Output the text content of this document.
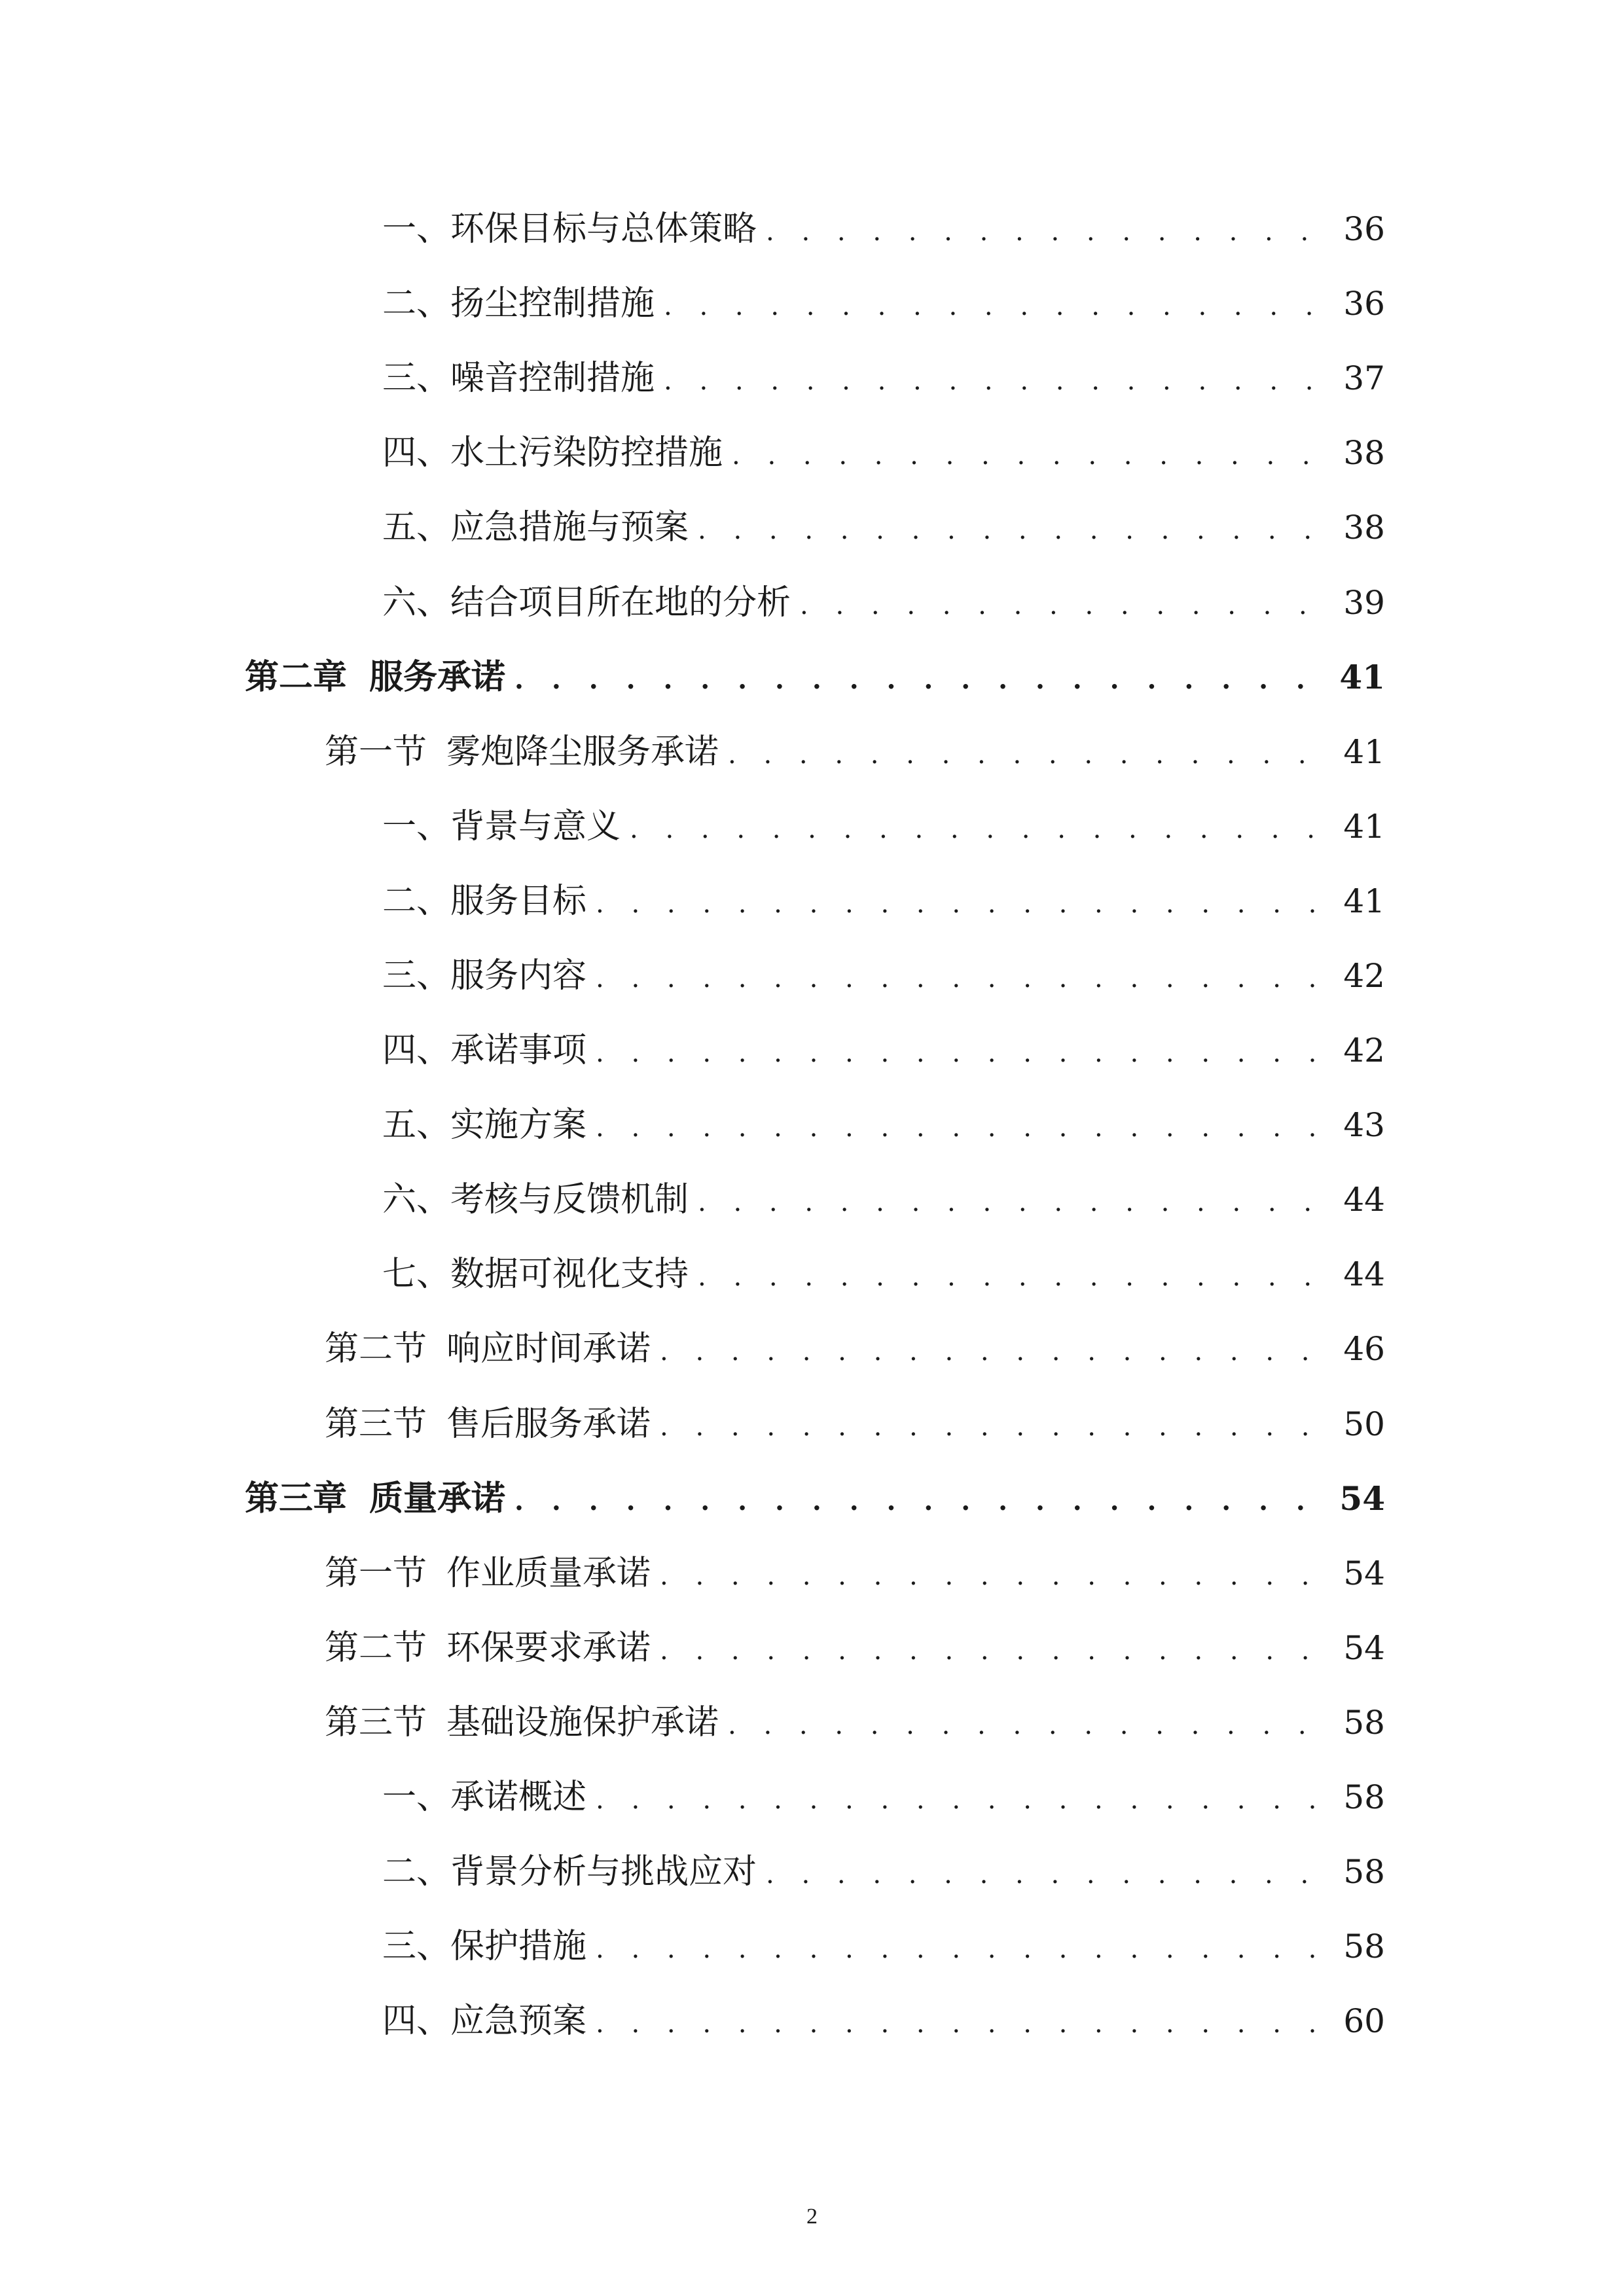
一、 环保目标与总体策略 . . .	36
二、 扬尘控制措施 . . .	36
三、 噪音控制措施 . . .	37
四、 水土污染防控措施 . . .	38
五、 应急措施与预案 . . .	38
六、 结合项目所在地的分析 . . .	39
第二章 服务承诺 . . .	41
第一节 雾炮降尘服务承诺 . . .	41
一、 背景与意义 . . .	41
二、 服务目标 . . .	41
三、 服务内容 . . .	42
四、 承诺事项 . . .	42
五、 实施方案 . . .	43
六、 考核与反馈机制 . . .	44
七、 数据可视化支持 . . .	44
第二节 响应时间承诺 . . .	46
第三节 售后服务承诺 . . .	50
第三章 质量承诺 . . .	54
第一节 作业质量承诺 . . .	54
第二节 环保要求承诺 . . .	54
第三节 基础设施保护承诺 . . .	58
一、 承诺概述 . . .	58
二、 背景分析与挑战应对 . . .	58
三、 保护措施 . . .	58
四、 应急预案 . . .	60
2
